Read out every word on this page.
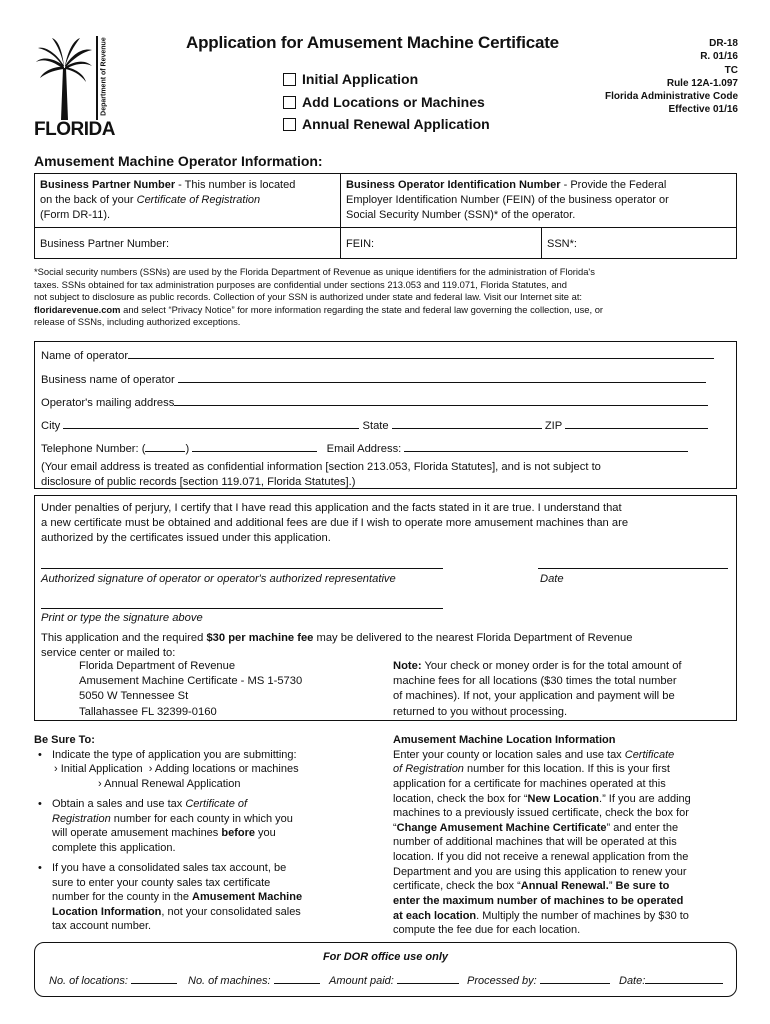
Department of Revenue
FLORIDA
Application for Amusement Machine Certificate
Initial Application
Add Locations or Machines
Annual Renewal Application
DR-18
R. 01/16
TC
Rule 12A-1.097
Florida Administrative Code
Effective 01/16
Amusement Machine Operator Information:
Business Partner Number - This number is located
on the back of your Certificate of Registration
(Form DR-11).
Business Operator Identification Number - Provide the Federal
Employer Identification Number (FEIN) of the business operator or
Social Security Number (SSN)* of the operator.
Business Partner Number:	FEIN:	SSN*:
*Social security numbers (SSNs) are used by the Florida Department of Revenue as unique identifiers for the administration of Florida's
taxes. SSNs obtained for tax administration purposes are confidential under sections 213.053 and 119.071, Florida Statutes, and
not subject to disclosure as public records. Collection of your SSN is authorized under state and federal law. Visit our Internet site at:
floridarevenue.com and select “Privacy Notice” for more information regarding the state and federal law governing the collection, use, or
release of SSNs, including authorized exceptions.
Name of operator
Business name of operator
Operator's mailing address
City	State	ZIP
Telephone Number: (	)	Email Address:
(Your email address is treated as confidential information [section 213.053, Florida Statutes], and is not subject to
disclosure of public records [section 119.071, Florida Statutes].)
Under penalties of perjury, I certify that I have read this application and the facts stated in it are true. I understand that
a new certificate must be obtained and additional fees are due if I wish to operate more amusement machines than are
authorized by the certificates issued under this application.
Authorized signature of operator or operator's authorized representative	Date
Print or type the signature above
This application and the required $30 per machine fee may be delivered to the nearest Florida Department of Revenue
service center or mailed to:
Florida Department of Revenue
Amusement Machine Certificate - MS 1-5730
5050 W Tennessee St
Tallahassee FL 32399-0160
Note: Your check or money order is for the total amount of
machine fees for all locations ($30 times the total number
of machines). If not, your application and payment will be
returned to you without processing.
Be Sure To:
• Indicate the type of application you are submitting:
› Initial Application › Adding locations or machines
› Annual Renewal Application
• Obtain a sales and use tax Certificate of
Registration number for each county in which you
will operate amusement machines before you
complete this application.
• If you have a consolidated sales tax account, be
sure to enter your county sales tax certificate
number for the county in the Amusement Machine
Location Information, not your consolidated sales
tax account number.
Amusement Machine Location Information
Enter your county or location sales and use tax Certificate
of Registration number for this location. If this is your first
application for a certificate for machines operated at this
location, check the box for “New Location.” If you are adding
machines to a previously issued certificate, check the box for
“Change Amusement Machine Certificate” and enter the
number of additional machines that will be operated at this
location. If you did not receive a renewal application from the
Department and you are using this application to renew your
certificate, check the box “Annual Renewal.” Be sure to
enter the maximum number of machines to be operated
at each location. Multiply the number of machines by $30 to
compute the fee due for each location.
For DOR office use only
No. of locations:	No. of machines:	Amount paid:	Processed by:	Date:
